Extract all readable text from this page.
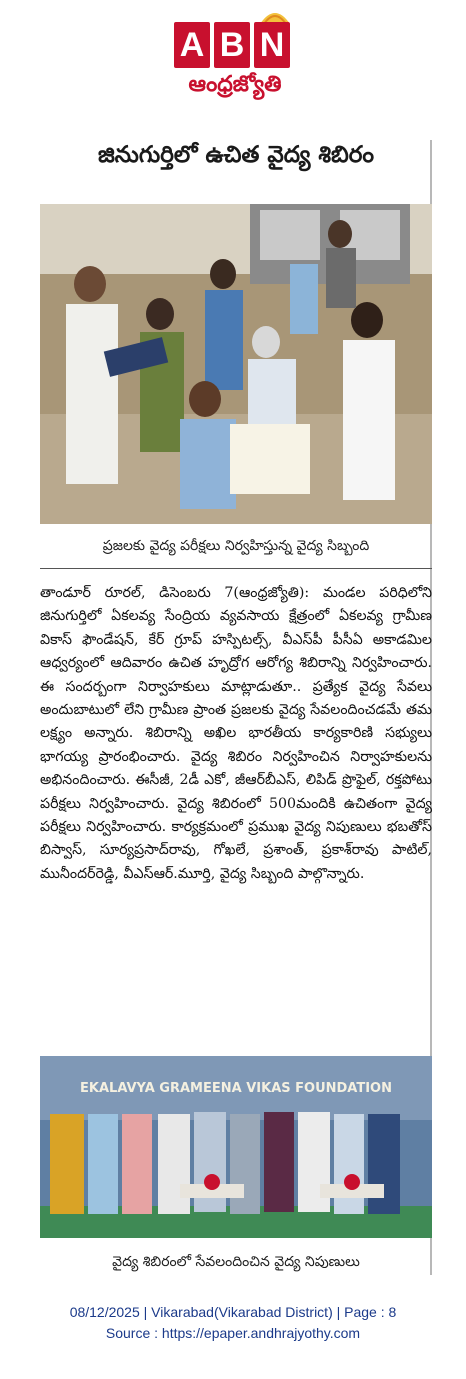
A B N
ఆంధ్రజ్యోతి
జినుగుర్తిలో ఉచిత వైద్య శిబిరం
ప్రజలకు వైద్య పరీక్షలు నిర్వహిస్తున్న వైద్య సిబ్బంది
తాండూర్ రూరల్, డిసెంబరు 7(ఆంధ్రజ్యోతి): మండల పరిధిలోని జినుగుర్తిలో ఏకలవ్య సేంద్రియ వ్యవసాయ క్షేత్రంలో ఏకలవ్య గ్రామీణ వికాస్ ఫౌండేషన్, కేర్ గ్రూప్ హస్పిటల్స్, వీఎస్‌పీ పీసీఏ అకాడమిల ఆధ్వర్యంలో ఆదివారం ఉచిత హృద్రోగ ఆరోగ్య శిబిరాన్ని నిర్వహించారు. ఈ సందర్బంగా నిర్వాహకులు మాట్లాడుతూ.. ప్రత్యేక వైద్య సేవలు అందుబాటులో లేని గ్రామీణ ప్రాంత ప్రజలకు వైద్య సేవలందించడమే తమ లక్ష్యం అన్నారు. శిబిరాన్ని అఖిల భారతీయ కార్యకారిణి సభ్యులు భాగయ్య ప్రారంభించారు. వైద్య శిబిరం నిర్వహించిన నిర్వాహకులను అభినందించారు. ఈసీజీ, 2డీ ఎకో, జీఆర్‌బీఎస్, లిపిడ్ ప్రొఫైల్, రక్తపోటు పరీక్షలు నిర్వహించారు. వైద్య శిబిరంలో 500మందికి ఉచితంగా వైద్య పరీక్షలు నిర్వహించారు. కార్యక్రమంలో ప్రముఖ వైద్య నిపుణులు భబతోస్ బిస్వాస్, సూర్యప్రసాద్‌రావు, గోఖలే, ప్రశాంత్, ప్రకాశ్‌రావు పాటిల్, మునీందర్‌రెడ్డి, వీఎస్ఆర్.మూర్తి, వైద్య సిబ్బంది పాల్గొన్నారు.
EKALAVYA GRAMEENA VIKAS FOUNDATION
వైద్య శిబిరంలో సేవలందించిన వైద్య నిపుణులు
08/12/2025 | Vikarabad(Vikarabad District) | Page : 8
Source : https://epaper.andhrajyothy.com
